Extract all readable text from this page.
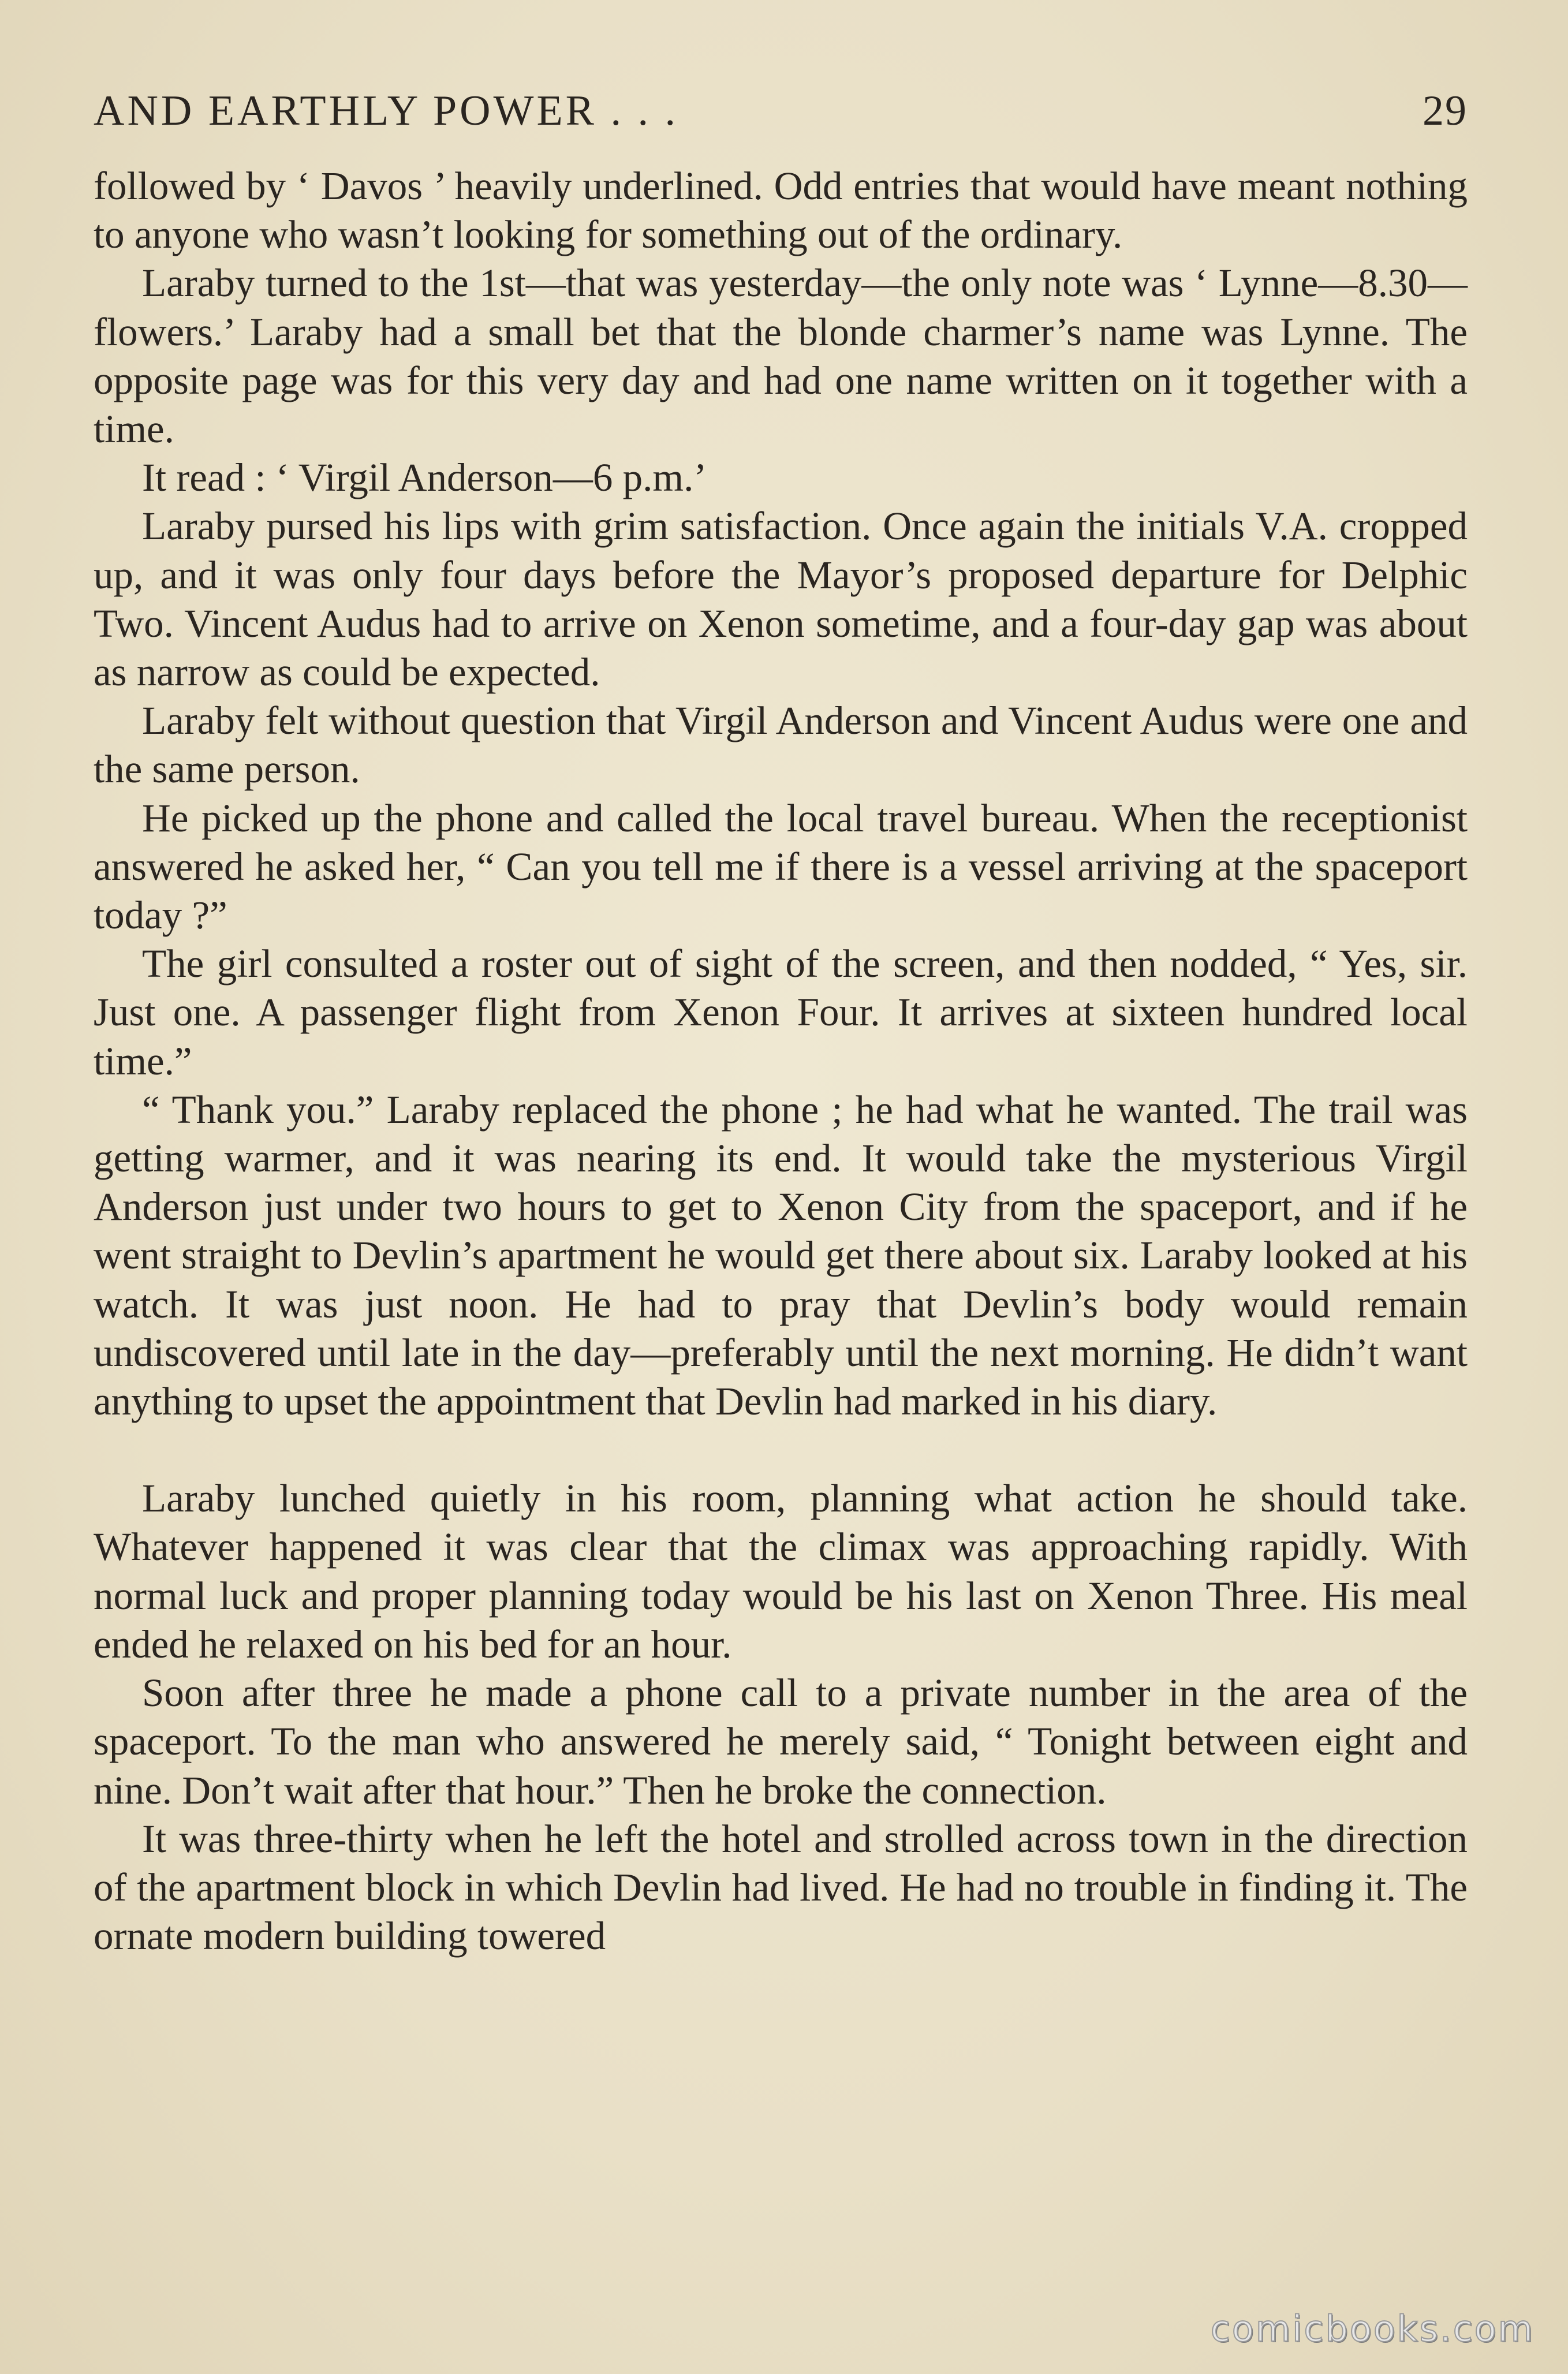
AND EARTHLY POWER . . .	29

followed by ‘ Davos ’ heavily underlined. Odd entries that would have meant nothing to anyone who wasn’t looking for something out of the ordinary.

Laraby turned to the 1st—that was yesterday—the only note was ‘ Lynne—8.30—flowers.’ Laraby had a small bet that the blonde charmer’s name was Lynne. The opposite page was for this very day and had one name written on it together with a time.

It read : ‘ Virgil Anderson—6 p.m.’

Laraby pursed his lips with grim satisfaction. Once again the initials V.A. cropped up, and it was only four days before the Mayor’s proposed departure for Delphic Two. Vincent Audus had to arrive on Xenon sometime, and a four-day gap was about as narrow as could be expected.

Laraby felt without question that Virgil Anderson and Vincent Audus were one and the same person.

He picked up the phone and called the local travel bureau. When the receptionist answered he asked her, “ Can you tell me if there is a vessel arriving at the spaceport today ?”

The girl consulted a roster out of sight of the screen, and then nodded, “ Yes, sir. Just one. A passenger flight from Xenon Four. It arrives at sixteen hundred local time.”

“ Thank you.” Laraby replaced the phone ; he had what he wanted. The trail was getting warmer, and it was nearing its end. It would take the mysterious Virgil Anderson just under two hours to get to Xenon City from the spaceport, and if he went straight to Devlin’s apartment he would get there about six. Laraby looked at his watch. It was just noon. He had to pray that Devlin’s body would remain undiscovered until late in the day—preferably until the next morning. He didn’t want anything to upset the appointment that Devlin had marked in his diary.

Laraby lunched quietly in his room, planning what action he should take. Whatever happened it was clear that the climax was approaching rapidly. With normal luck and proper planning today would be his last on Xenon Three. His meal ended he relaxed on his bed for an hour.

Soon after three he made a phone call to a private number in the area of the spaceport. To the man who answered he merely said, “ Tonight between eight and nine. Don’t wait after that hour.” Then he broke the connection.

It was three-thirty when he left the hotel and strolled across town in the direction of the apartment block in which Devlin had lived. He had no trouble in finding it. The ornate modern building towered

comicbooks.com
